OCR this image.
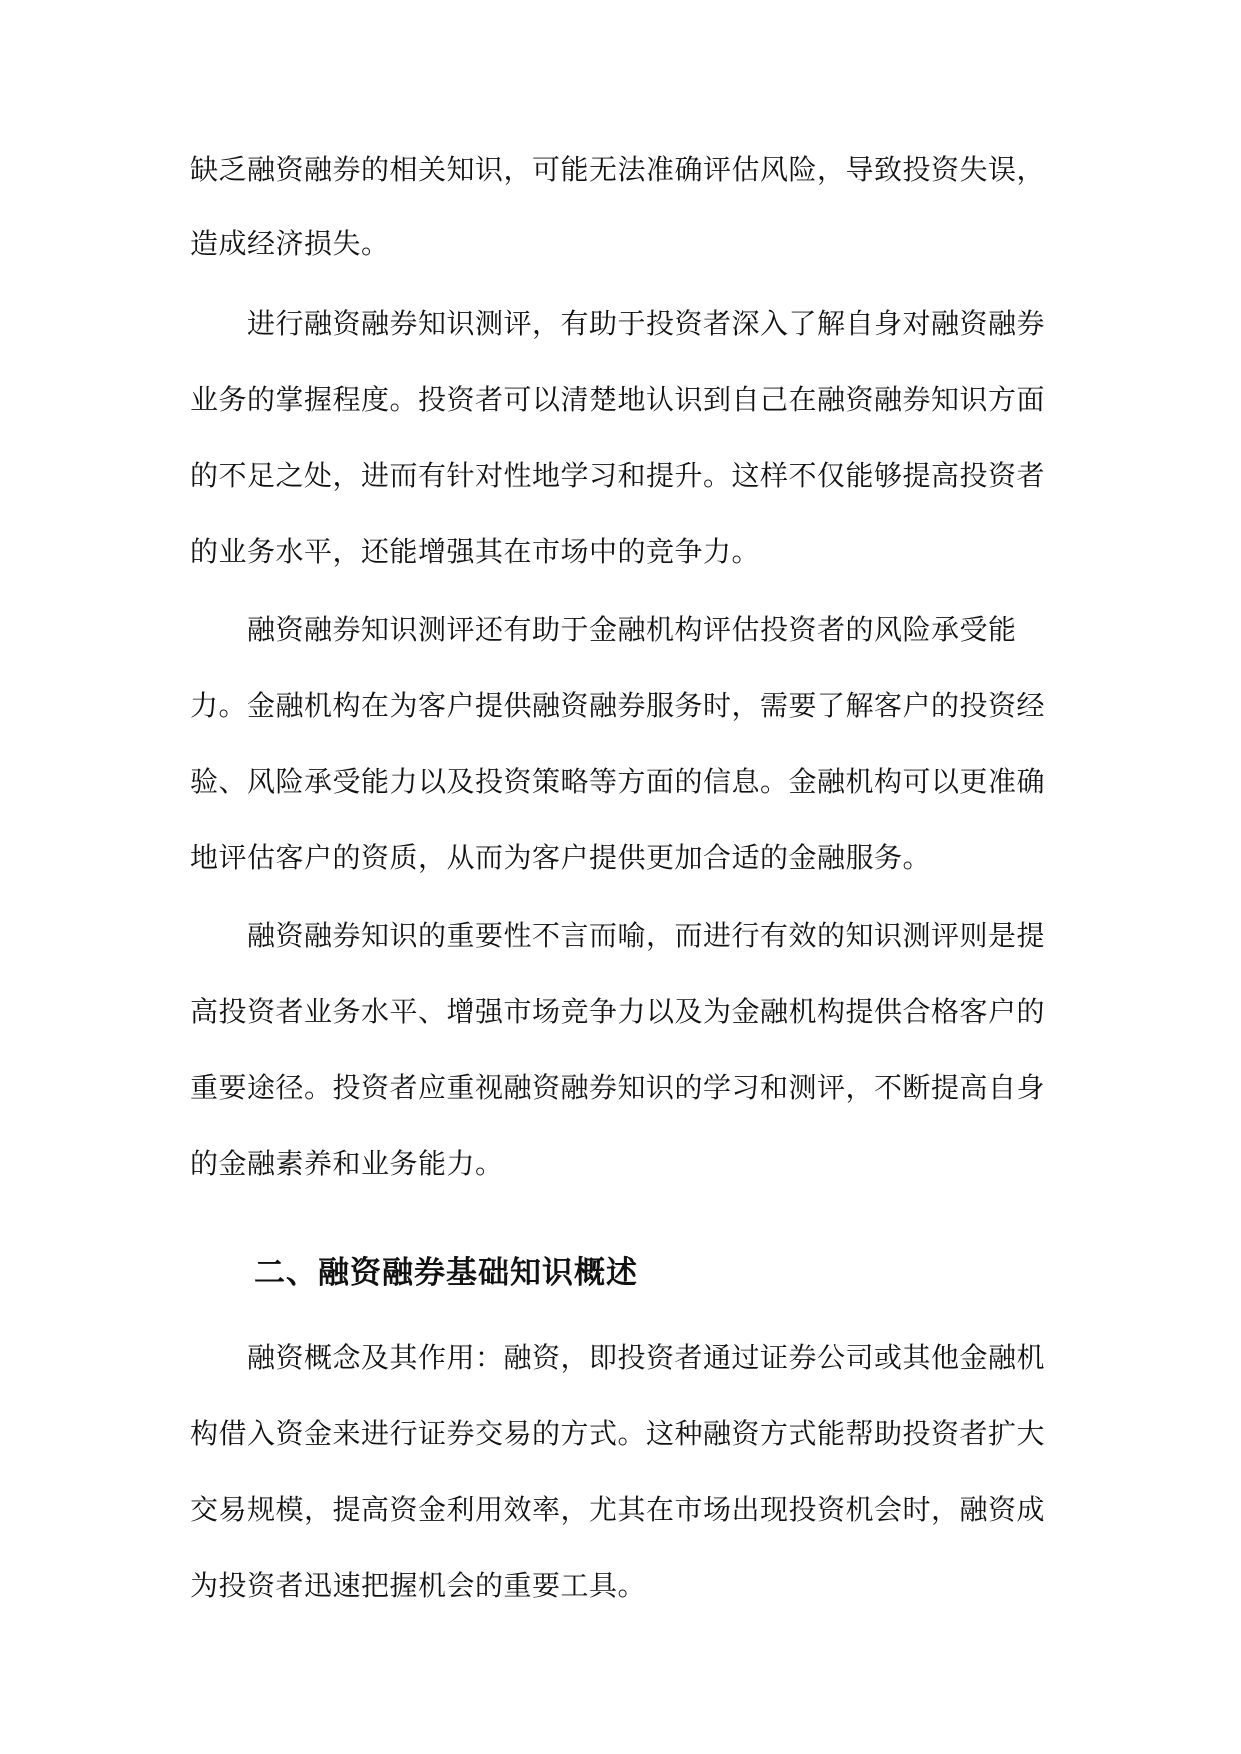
缺乏融资融券的相关知识，可能无法准确评估风险，导致投资失误，
造成经济损失。
进行融资融券知识测评，有助于投资者深入了解自身对融资融券
业务的掌握程度。投资者可以清楚地认识到自己在融资融券知识方面
的不足之处，进而有针对性地学习和提升。这样不仅能够提高投资者
的业务水平，还能增强其在市场中的竞争力。
融资融券知识测评还有助于金融机构评估投资者的风险承受能
力。金融机构在为客户提供融资融券服务时，需要了解客户的投资经
验、风险承受能力以及投资策略等方面的信息。金融机构可以更准确
地评估客户的资质，从而为客户提供更加合适的金融服务。
融资融券知识的重要性不言而喻，而进行有效的知识测评则是提
高投资者业务水平、增强市场竞争力以及为金融机构提供合格客户的
重要途径。投资者应重视融资融券知识的学习和测评，不断提高自身
的金融素养和业务能力。
二、融资融券基础知识概述
融资概念及其作用：融资，即投资者通过证券公司或其他金融机
构借入资金来进行证券交易的方式。这种融资方式能帮助投资者扩大
交易规模，提高资金利用效率，尤其在市场出现投资机会时，融资成
为投资者迅速把握机会的重要工具。
